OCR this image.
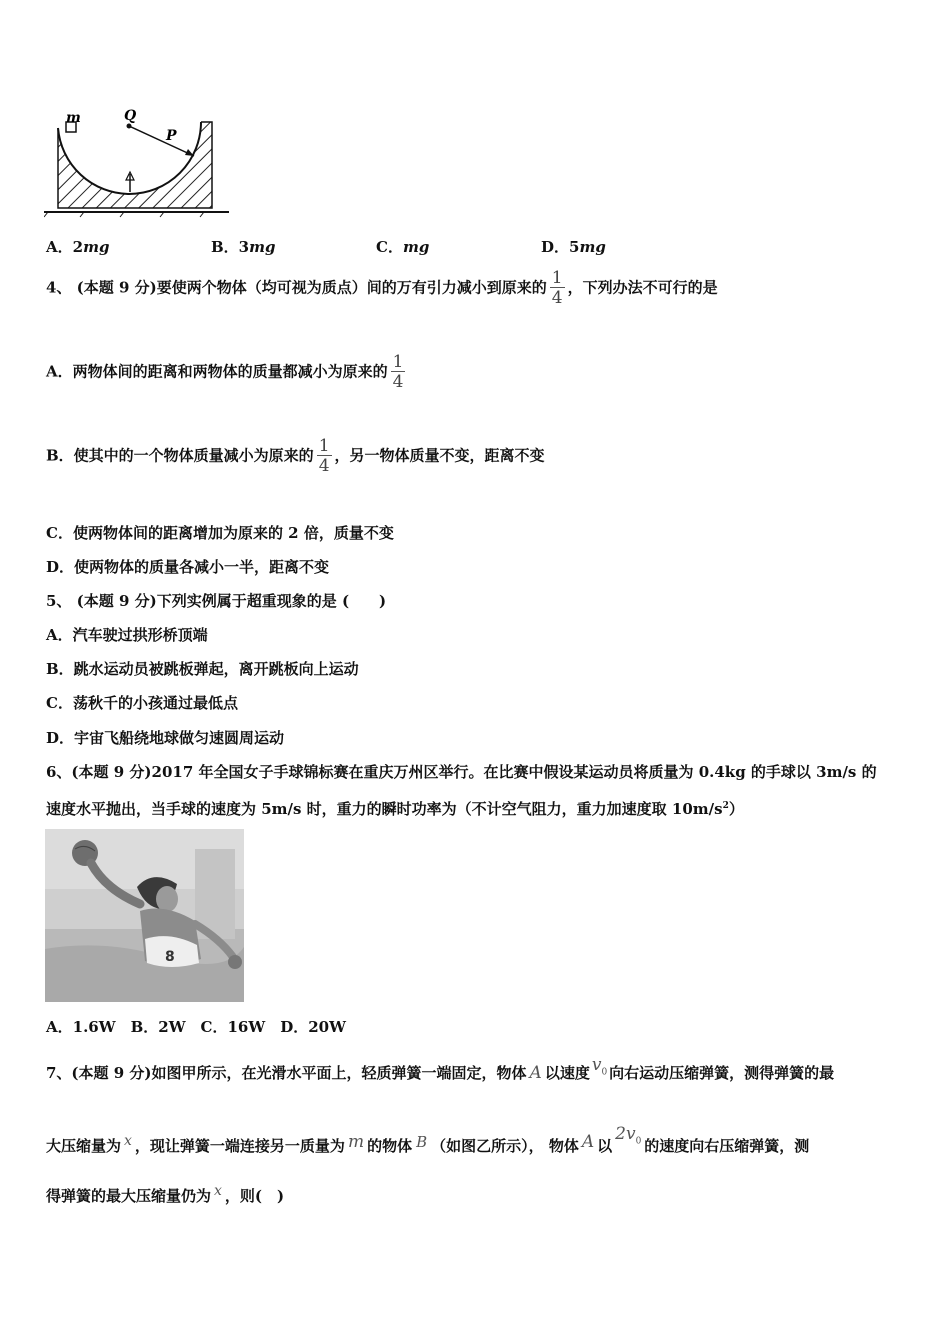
m	Q
P
A．2mg	B．3mg	C．mg	D．5mg
4、 (本题 9 分)要使两个物体（均可视为质点）间的万有引力减小到原来的 $\frac{1}{4}$ ，下列办法不可行的是
A．两物体间的距离和两物体的质量都减小为原来的 $\frac{1}{4}$
B．使其中的一个物体质量减小为原来的 $\frac{1}{4}$ ，另一物体质量不变，距离不变
C．使两物体间的距离增加为原来的 2 倍，质量不变
D．使两物体的质量各减小一半，距离不变
5、 (本题 9 分)下列实例属于超重现象的是 (　　)
A．汽车驶过拱形桥顶端
B．跳水运动员被跳板弹起，离开跳板向上运动
C．荡秋千的小孩通过最低点
D．宇宙飞船绕地球做匀速圆周运动
6、(本题 9 分)2017 年全国女子手球锦标赛在重庆万州区举行。在比赛中假设某运动员将质量为 0.4kg 的手球以 3m/s 的
速度水平抛出，当手球的速度为 5m/s 时，重力的瞬时功率为（不计空气阻力，重力加速度取 $10m/s^2$）
8
A．1.6W　B．2W　C．16W　D．20W
7、(本题 9 分)如图甲所示，在光滑水平面上，轻质弹簧一端固定，物体 A 以速度 $v_0$ 向右运动压缩弹簧，测得弹簧的最
大压缩量为 x ，现让弹簧一端连接另一质量为 m 的物体 B （如图乙所示）， 物体 A 以$2v_0$ 的速度向右压缩弹簧，测
得弹簧的最大压缩量仍为 x ，则(　)
